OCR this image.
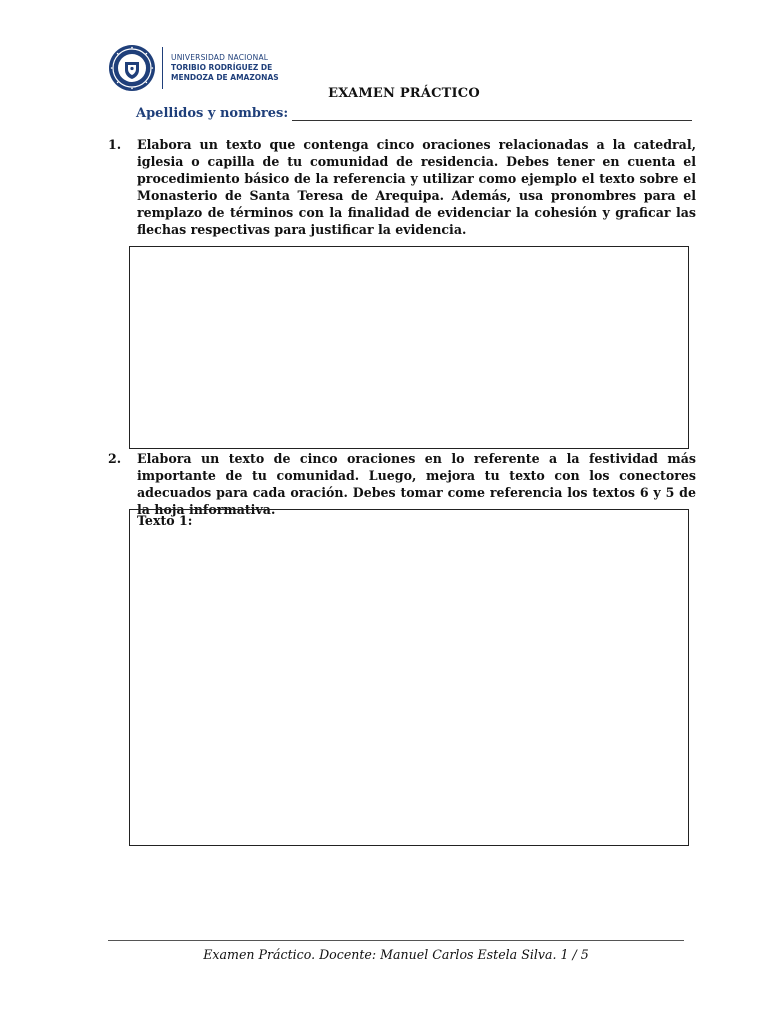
UNIVERSIDAD NACIONAL
TORIBIO RODRÍGUEZ DE
MENDOZA DE AMAZONAS
EXAMEN PRÁCTICO
Apellidos y nombres:
1.	Elabora un texto que contenga cinco oraciones relacionadas a la catedral, iglesia o capilla de tu comunidad de residencia. Debes tener en cuenta el procedimiento básico de la referencia y utilizar como ejemplo el texto sobre el Monasterio de Santa Teresa de Arequipa. Además, usa pronombres para el remplazo de términos con la finalidad de evidenciar la cohesión y graficar las flechas respectivas para justificar la evidencia.
2.	Elabora un texto de cinco oraciones en lo referente a la festividad más importante de tu comunidad. Luego, mejora tu texto con los conectores adecuados para cada oración. Debes tomar come referencia los textos 6 y 5 de la hoja informativa.
Texto 1:
Examen Práctico. Docente: Manuel Carlos Estela Silva. 1 / 5
